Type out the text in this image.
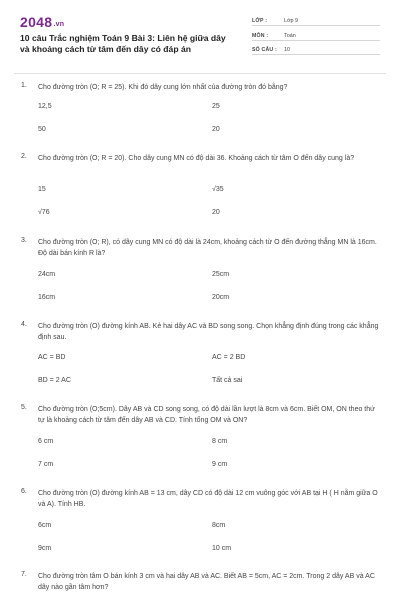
2048.vn
10 câu Trắc nghiệm Toán 9 Bài 3: Liên hệ giữa dây và khoảng cách từ tâm đến dây có đáp án
LỚP :	Lớp 9
MÔN :	Toán
SỐ CÂU :	10
1. Cho đường tròn (O; R = 25). Khi đó dây cung lớn nhất của đường tròn đó bằng?
12,5	25
50	20
2. Cho đường tròn (O; R = 20). Cho dây cung MN có độ dài 36. Khoảng cách từ tâm O đến dây cung là?
15	√35
√76	20
3. Cho đường tròn (O; R), có dây cung MN có độ dài là 24cm, khoảng cách từ O đến đường thẳng MN là 16cm. Độ dài bán kính R là?
24cm	25cm
16cm	20cm
4. Cho đường tròn (O) đường kính AB. Kẻ hai dây AC và BD song song. Chọn khẳng định đúng trong các khẳng định sau.
AC = BD	AC = 2 BD
BD = 2 AC	Tất cả sai
5. Cho đường tròn (O;5cm). Dây AB và CD song song, có độ dài lần lượt là 8cm và 6cm. Biết OM, ON theo thứ tự là khoảng cách từ tâm đến dây AB và CD. Tính tổng OM và ON?
6 cm	8 cm
7 cm	9 cm
6. Cho đường tròn (O) đường kính AB = 13 cm, dây CD có độ dài 12 cm vuông góc với AB tại H ( H nằm giữa O và A). Tính HB.
6cm	8cm
9cm	10 cm
7. Cho đường tròn tâm O bán kính 3 cm và hai dây AB và AC. Biết AB = 5cm, AC = 2cm. Trong 2 dây AB và AC dây nào gần tâm hơn?
